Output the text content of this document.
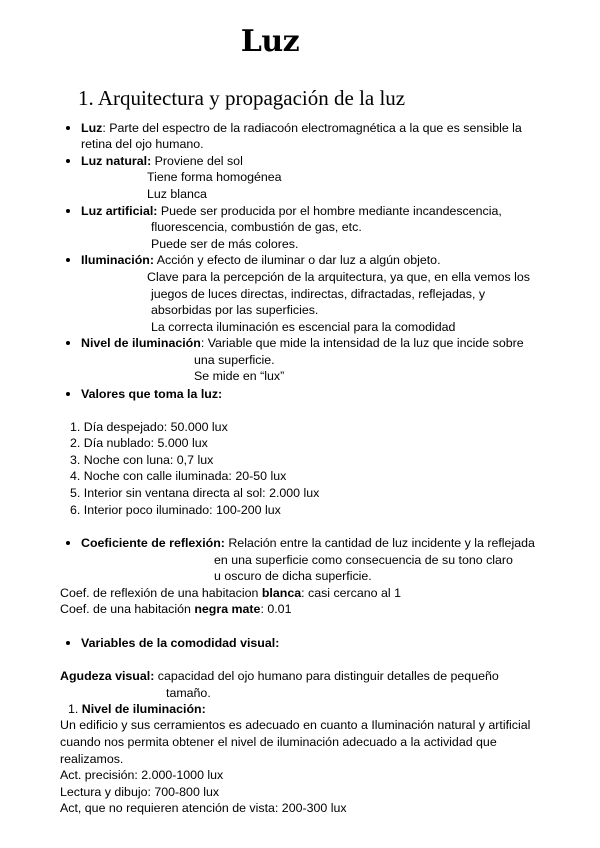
Luz
1. Arquitectura y propagación de la luz
Luz: Parte del espectro de la radiacoón electromagnética a la que es sensible la
retina del ojo humano.
Luz natural: Proviene del sol
Tiene forma homogénea
Luz blanca
Luz artificial: Puede ser producida por el hombre mediante incandescencia,
fluorescencia, combustión de gas, etc.
Puede ser de más colores.
Iluminación: Acción y efecto de iluminar o dar luz a algún objeto.
Clave para la percepción de la arquitectura, ya que, en ella vemos los
juegos de luces directas, indirectas, difractadas, reflejadas, y
absorbidas por las superficies.
La correcta iluminación es escencial para la comodidad
Nivel de iluminación: Variable que mide la intensidad de la luz que incide sobre
una superficie.
Se mide en “lux”
Valores que toma la luz:
1. Día despejado: 50.000 lux
2. Día nublado: 5.000 lux
3. Noche con luna: 0,7 lux
4. Noche con calle iluminada: 20-50 lux
5. Interior sin ventana directa al sol: 2.000 lux
6. Interior poco iluminado: 100-200 lux
Coeficiente de reflexión: Relación entre la cantidad de luz incidente y la reflejada
en una superficie como consecuencia de su tono claro
u oscuro de dicha superficie.
Coef. de reflexión de una habitacion blanca: casi cercano al 1
Coef. de una habitación negra mate: 0.01
Variables de la comodidad visual:
Agudeza visual: capacidad del ojo humano para distinguir detalles de pequeño
tamaño.
1. Nivel de iluminación:
Un edificio y sus cerramientos es adecuado en cuanto a Iluminación natural y artificial
cuando nos permita obtener el nivel de iluminación adecuado a la actividad que
realizamos.
Act. precisión: 2.000-1000 lux
Lectura y dibujo: 700-800 lux
Act, que no requieren atención de vista: 200-300 lux
